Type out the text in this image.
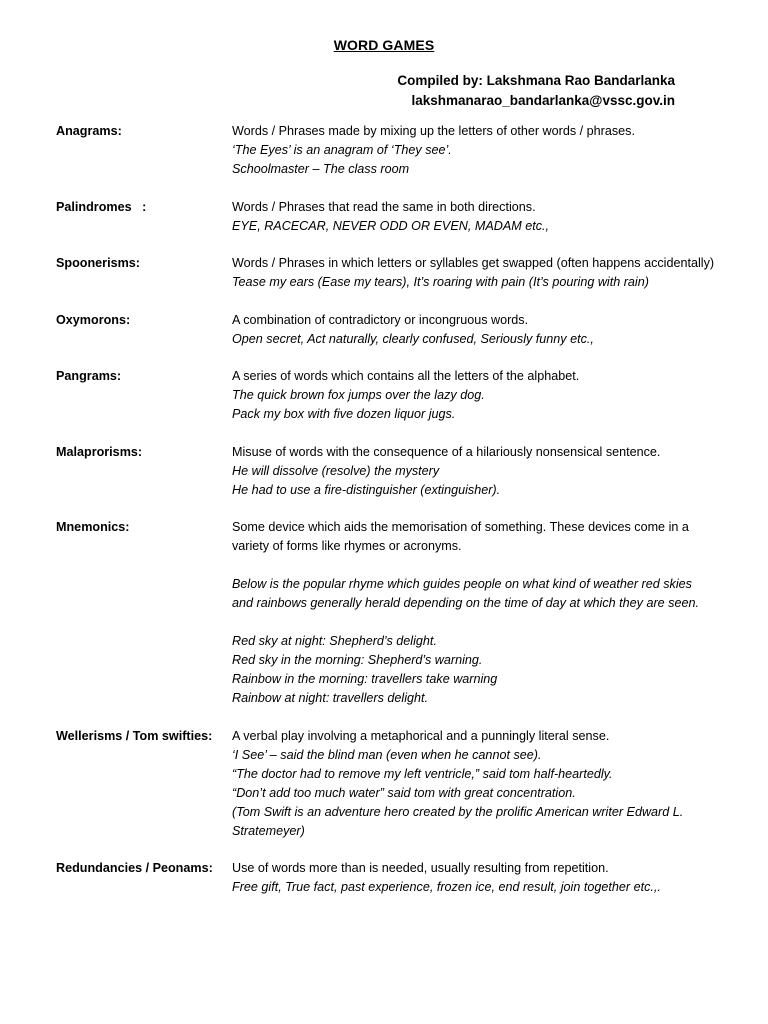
WORD GAMES
Compiled by: Lakshmana Rao Bandarlanka
lakshmanarao_bandarlanka@vssc.gov.in
Anagrams:	Words / Phrases made by mixing up the letters of other words / phrases.
‘The Eyes’ is an anagram of ‘They see’.
Schoolmaster – The class room
Palindromes   :	Words / Phrases that read the same in both directions.
EYE, RACECAR, NEVER ODD OR EVEN, MADAM etc.,
Spoonerisms:	Words / Phrases in which letters or syllables get swapped (often happens accidentally)
Tease my ears (Ease my tears), It’s roaring with pain (It’s pouring with rain)
Oxymorons:	A combination of contradictory or incongruous words.
Open secret, Act naturally, clearly confused, Seriously funny etc.,
Pangrams:	A series of words which contains all the letters of the alphabet.
The quick brown fox jumps over the lazy dog.
Pack my box with five dozen liquor jugs.
Malaprorisms:	Misuse of words with the consequence of a hilariously nonsensical sentence.
He will dissolve (resolve) the mystery
He had to use a fire-distinguisher (extinguisher).
Mnemonics:	Some device which aids the memorisation of something. These devices come in a variety of forms like rhymes or acronyms.
Below is the popular rhyme which guides people on what kind of weather red skies and rainbows generally herald depending on the time of day at which they are seen.
Red sky at night: Shepherd’s delight.
Red sky in the morning: Shepherd’s warning.
Rainbow in the morning: travellers take warning
Rainbow at night: travellers delight.
Wellerisms / Tom swifties:	A verbal play involving a metaphorical and a punningly literal sense.
‘I See’ – said the blind man (even when he cannot see).
“The doctor had to remove my left ventricle,” said tom half-heartedly.
“Don’t add too much water” said tom with great concentration.
(Tom Swift is an adventure hero created by the prolific American writer Edward L. Stratemeyer)
Redundancies / Peonams:	Use of words more than is needed, usually resulting from repetition.
Free gift, True fact, past experience, frozen ice, end result, join together etc.,.
